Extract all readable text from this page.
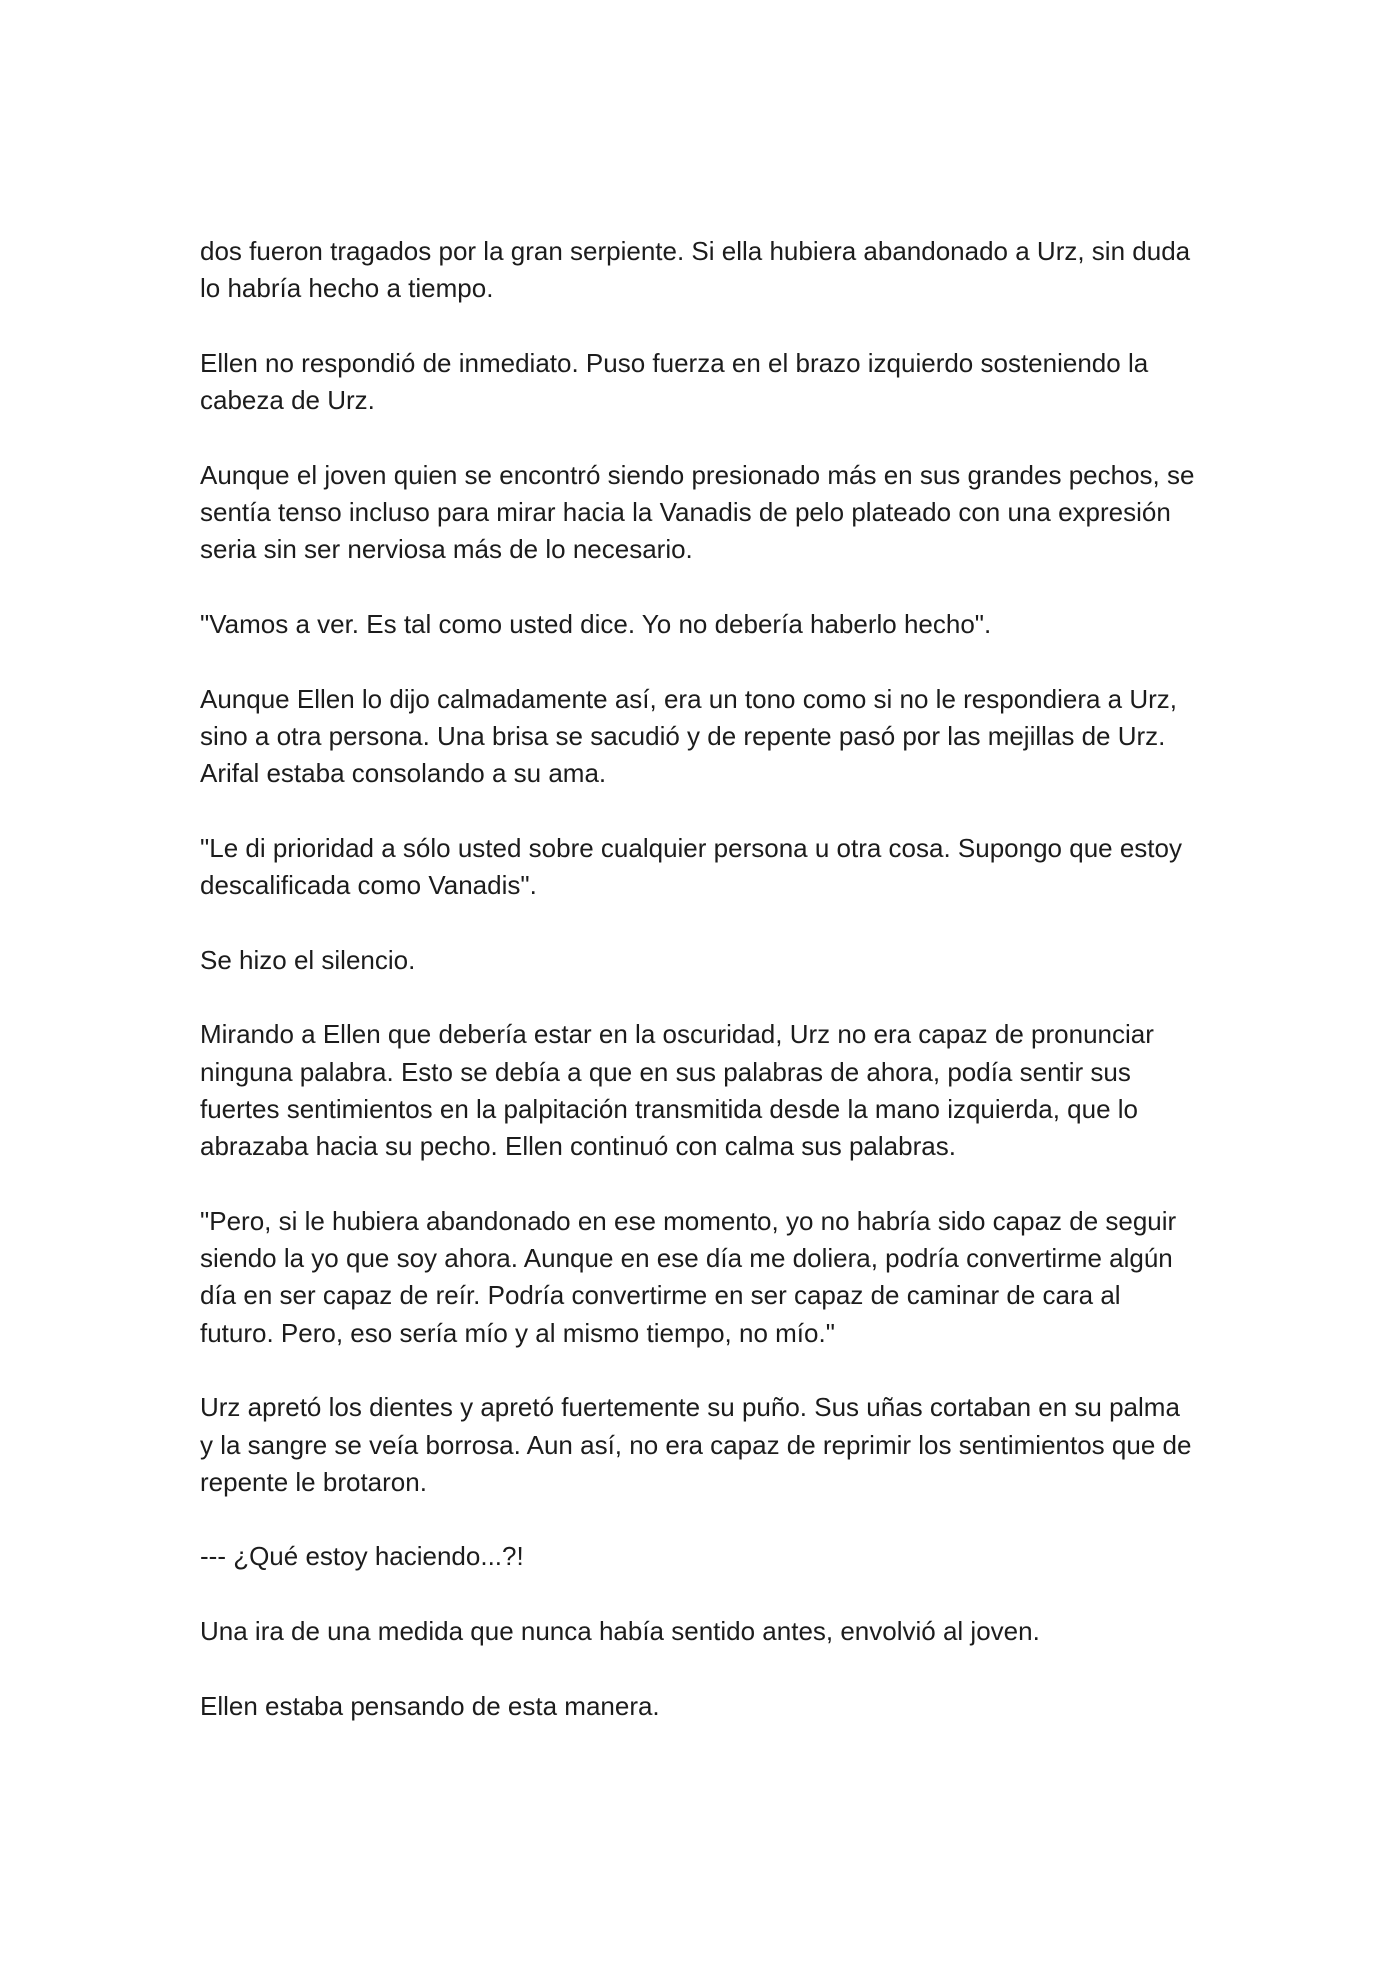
dos fueron tragados por la gran serpiente. Si ella hubiera abandonado a Urz, sin duda lo habría hecho a tiempo.

Ellen no respondió de inmediato. Puso fuerza en el brazo izquierdo sosteniendo la cabeza de Urz.

Aunque el joven quien se encontró siendo presionado más en sus grandes pechos, se sentía tenso incluso para mirar hacia la Vanadis de pelo plateado con una expresión seria sin ser nerviosa más de lo necesario.

"Vamos a ver. Es tal como usted dice. Yo no debería haberlo hecho".

Aunque Ellen lo dijo calmadamente así, era un tono como si no le respondiera a Urz, sino a otra persona. Una brisa se sacudió y de repente pasó por las mejillas de Urz. Arifal estaba consolando a su ama.

"Le di prioridad a sólo usted sobre cualquier persona u otra cosa. Supongo que estoy descalificada como Vanadis".

Se hizo el silencio.

Mirando a Ellen que debería estar en la oscuridad, Urz no era capaz de pronunciar ninguna palabra. Esto se debía a que en sus palabras de ahora, podía sentir sus fuertes sentimientos en la palpitación transmitida desde la mano izquierda, que lo abrazaba hacia su pecho. Ellen continuó con calma sus palabras.

"Pero, si le hubiera abandonado en ese momento, yo no habría sido capaz de seguir siendo la yo que soy ahora. Aunque en ese día me doliera, podría convertirme algún día en ser capaz de reír. Podría convertirme en ser capaz de caminar de cara al futuro. Pero, eso sería mío y al mismo tiempo, no mío."

Urz apretó los dientes y apretó fuertemente su puño. Sus uñas cortaban en su palma y la sangre se veía borrosa. Aun así, no era capaz de reprimir los sentimientos que de repente le brotaron.

--- ¿Qué estoy haciendo...?!

Una ira de una medida que nunca había sentido antes, envolvió al joven.

Ellen estaba pensando de esta manera.
